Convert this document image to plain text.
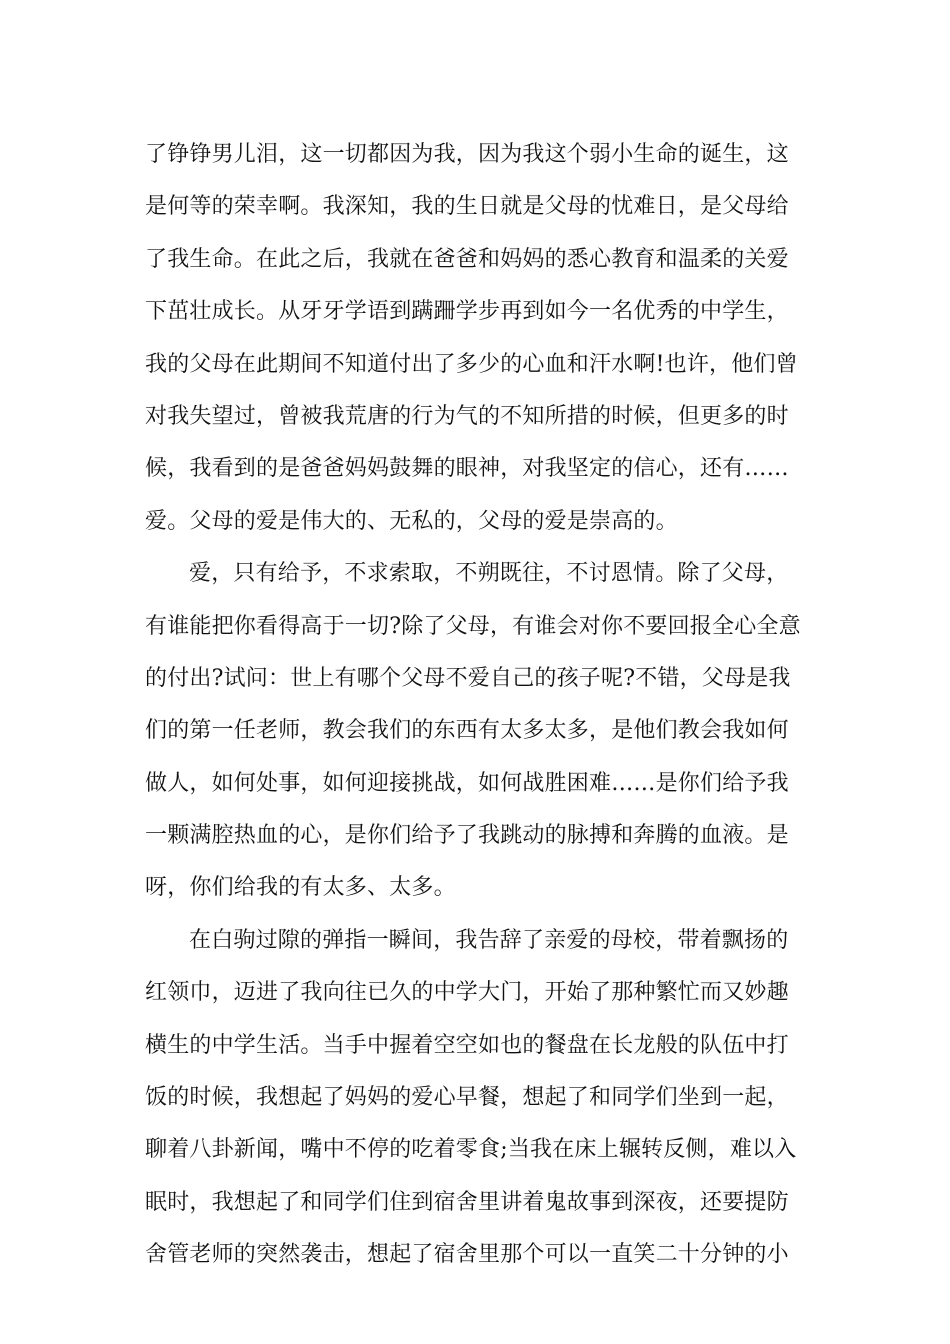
了铮铮男儿泪，这一切都因为我，因为我这个弱小生命的诞生，这
是何等的荣幸啊。我深知，我的生日就是父母的忧难日，是父母给
了我生命。在此之后，我就在爸爸和妈妈的悉心教育和温柔的关爱
下茁壮成长。从牙牙学语到蹒跚学步再到如今一名优秀的中学生，
我的父母在此期间不知道付出了多少的心血和汗水啊!也许，他们曾
对我失望过，曾被我荒唐的行为气的不知所措的时候，但更多的时
候，我看到的是爸爸妈妈鼓舞的眼神，对我坚定的信心，还有……
爱。父母的爱是伟大的、无私的，父母的爱是崇高的。
爱，只有给予，不求索取，不朔既往，不讨恩情。除了父母，
有谁能把你看得高于一切?除了父母，有谁会对你不要回报全心全意
的付出?试问：世上有哪个父母不爱自己的孩子呢?不错，父母是我
们的第一任老师，教会我们的东西有太多太多，是他们教会我如何
做人，如何处事，如何迎接挑战，如何战胜困难……是你们给予我
一颗满腔热血的心，是你们给予了我跳动的脉搏和奔腾的血液。是
呀，你们给我的有太多、太多。
在白驹过隙的弹指一瞬间，我告辞了亲爱的母校，带着飘扬的
红领巾，迈进了我向往已久的中学大门，开始了那种繁忙而又妙趣
横生的中学生活。当手中握着空空如也的餐盘在长龙般的队伍中打
饭的时候，我想起了妈妈的爱心早餐，想起了和同学们坐到一起，
聊着八卦新闻，嘴中不停的吃着零食;当我在床上辗转反侧，难以入
眠时，我想起了和同学们住到宿舍里讲着鬼故事到深夜，还要提防
舍管老师的突然袭击，想起了宿舍里那个可以一直笑二十分钟的小
